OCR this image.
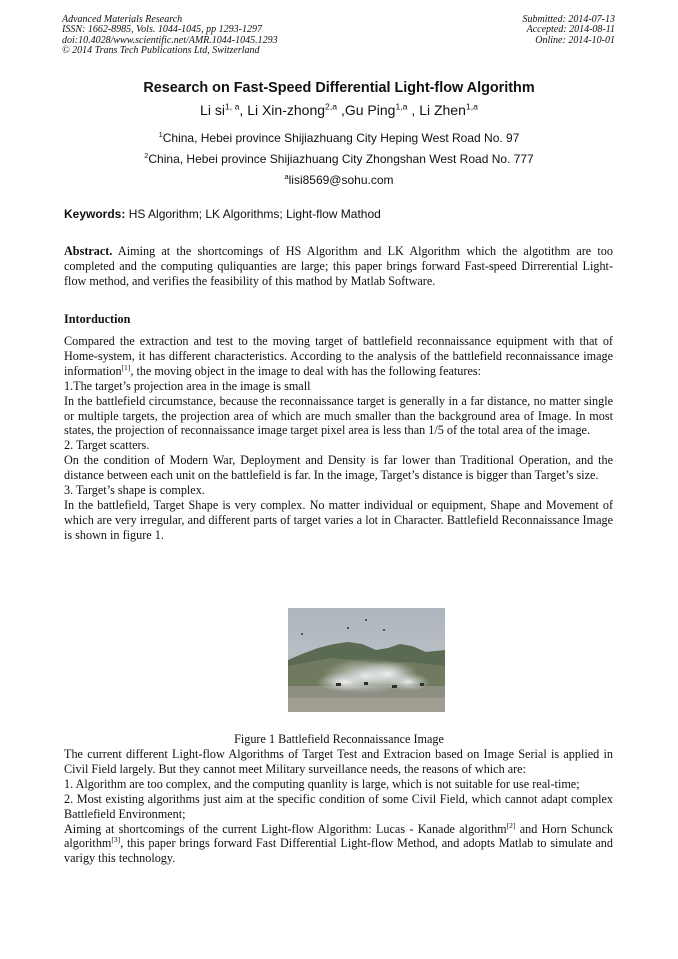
Advanced Materials Research
ISSN: 1662-8985, Vols. 1044-1045, pp 1293-1297
doi:10.4028/www.scientific.net/AMR.1044-1045.1293
© 2014 Trans Tech Publications Ltd, Switzerland
Submitted: 2014-07-13
Accepted: 2014-08-11
Online: 2014-10-01
Research on Fast-Speed Differential Light-flow Algorithm
Li si$^{1, a}$, Li Xin-zhong$^{2,a}$ ,Gu Ping$^{1,a}$ , Li Zhen$^{1,a}$
$^1$China, Hebei province Shijiazhuang City Heping West Road No. 97
$^2$China, Hebei province Shijiazhuang City Zhongshan West Road No. 777
$^a$lisi8569@sohu.com
Keywords: HS Algorithm; LK Algorithms; Light-flow Mathod
Abstract. Aiming at the shortcomings of HS Algorithm and LK Algorithm which the algotithm are too completed and the computing quliquanties are large; this paper brings forward Fast-speed Dirrerential Light-flow method, and verifies the feasibility of this mathod by Matlab Software.
Intorduction
Compared the extraction and test to the moving target of battlefield reconnaissance equipment with that of Home-system, it has different characteristics. According to the analysis of the battlefield reconnaissance image information[1], the moving object in the image to deal with has the following features:
1.The target’s projection area in the image is small
In the battlefield circumstance, because the reconnaissance target is generally in a far distance, no matter single or multiple targets, the projection area of which are much smaller than the background area of Image. In most states, the projection of reconnaissance image target pixel area is less than 1/5 of the total area of the image.
2. Target scatters.
On the condition of Modern War, Deployment and Density is far lower than Traditional Operation, and the distance between each unit on the battlefield is far. In the image, Target’s distance is bigger than Target’s size.
3. Target’s shape is complex.
In the battlefield, Target Shape is very complex. No matter individual or equipment, Shape and Movement of which are very irregular, and different parts of target varies a lot in Character. Battlefield Reconnaissance Image is shown in figure 1.
Figure 1 Battlefield Reconnaissance Image
The current different Light-flow Algorithms of Target Test and Extracion based on Image Serial is applied in Civil Field largely. But they cannot meet Military surveillance needs, the reasons of which are:
1. Algorithm are too complex, and the computing quanlity is large, which is not suitable for use real-time;
2. Most existing algorithms just aim at the specific condition of some Civil Field, which cannot adapt complex Battlefield Environment;
Aiming at shortcomings of the current Light-flow Algorithm: Lucas - Kanade algorithm[2] and Horn Schunck algorithm[3], this paper brings forward Fast Differential Light-flow Method, and adopts Matlab to simulate and varigy this technology.
